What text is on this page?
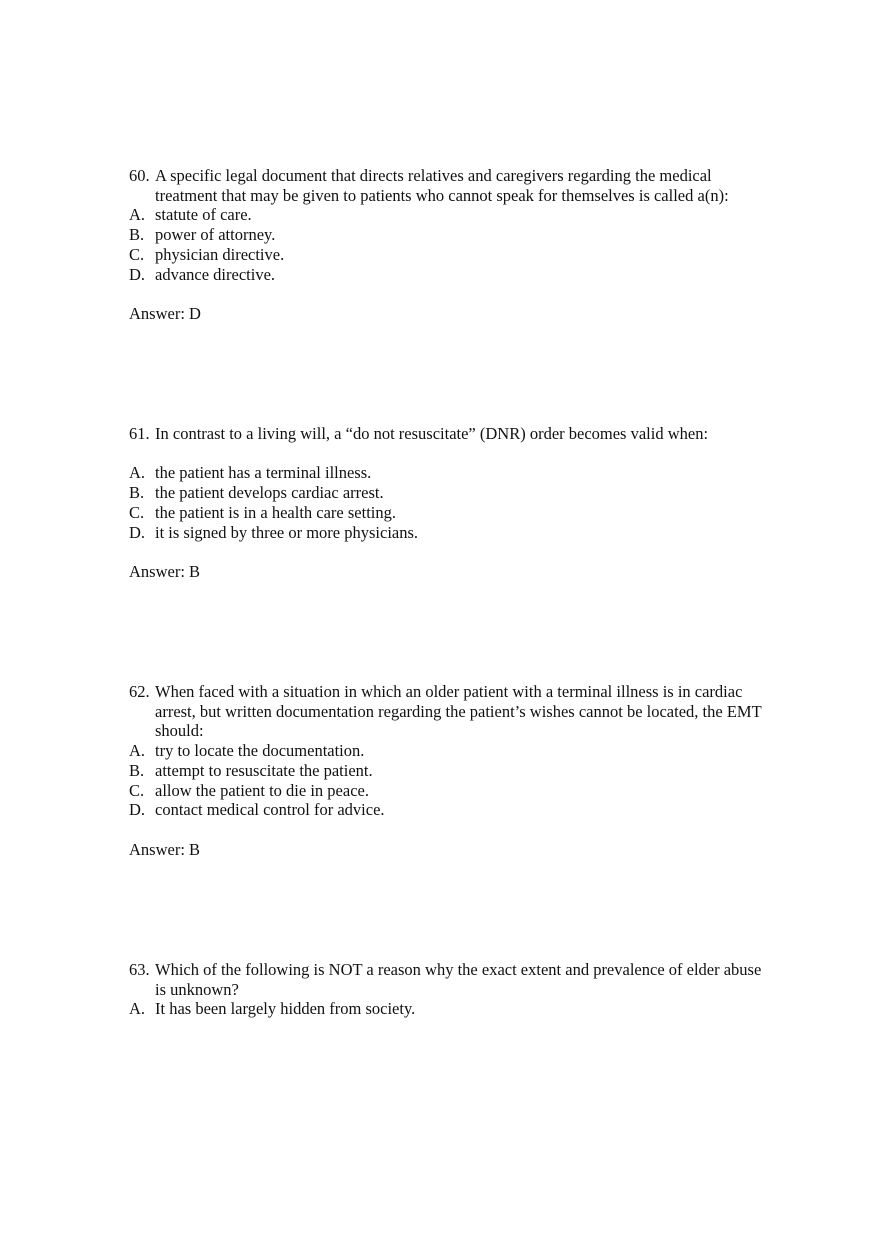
60. A specific legal document that directs relatives and caregivers regarding the medical treatment that may be given to patients who cannot speak for themselves is called a(n):
A. statute of care.
B. power of attorney.
C. physician directive.
D. advance directive.
Answer: D
61. In contrast to a living will, a “do not resuscitate” (DNR) order becomes valid when:
A. the patient has a terminal illness.
B. the patient develops cardiac arrest.
C. the patient is in a health care setting.
D. it is signed by three or more physicians.
Answer: B
62. When faced with a situation in which an older patient with a terminal illness is in cardiac arrest, but written documentation regarding the patient’s wishes cannot be located, the EMT should:
A. try to locate the documentation.
B. attempt to resuscitate the patient.
C. allow the patient to die in peace.
D. contact medical control for advice.
Answer: B
63. Which of the following is NOT a reason why the exact extent and prevalence of elder abuse is unknown?
A. It has been largely hidden from society.
